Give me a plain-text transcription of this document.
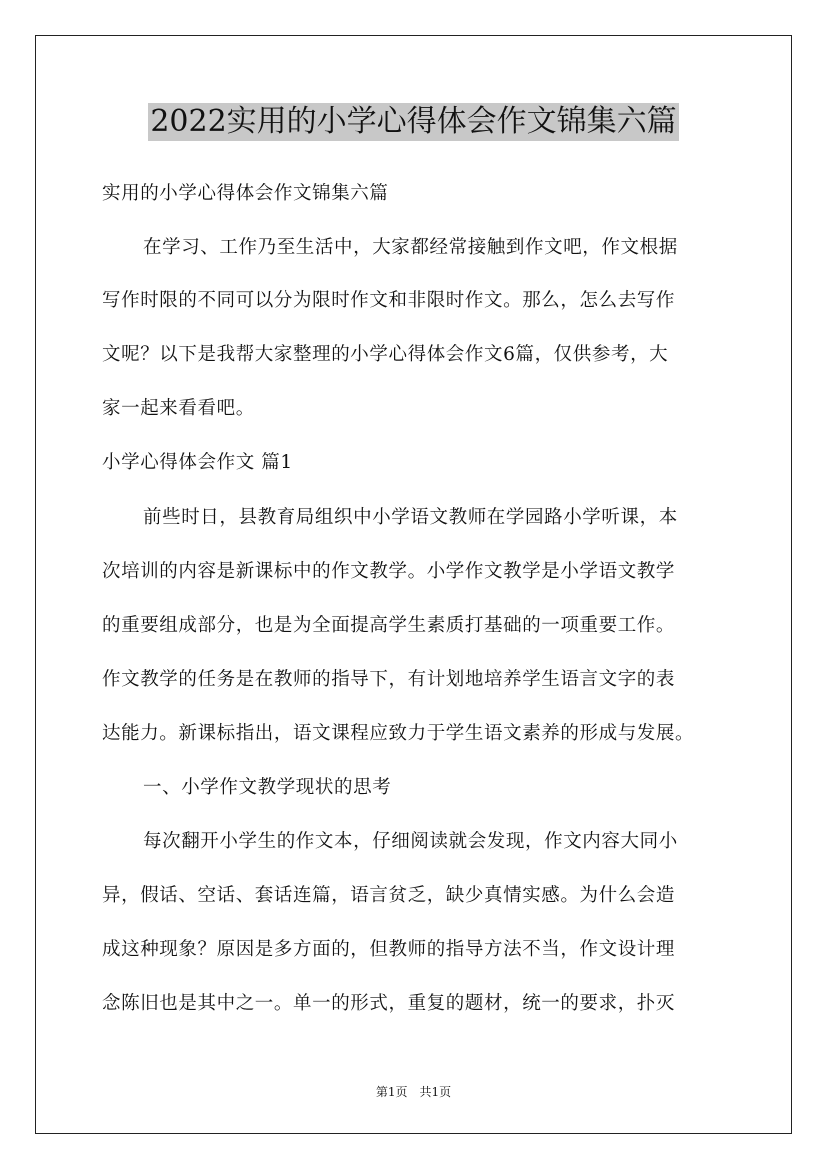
2022实用的小学心得体会作文锦集六篇
实用的小学心得体会作文锦集六篇
在学习、工作乃至生活中，大家都经常接触到作文吧，作文根据
写作时限的不同可以分为限时作文和非限时作文。那么，怎么去写作
文呢？以下是我帮大家整理的小学心得体会作文6篇，仅供参考，大
家一起来看看吧。
小学心得体会作文 篇1
前些时日，县教育局组织中小学语文教师在学园路小学听课，本
次培训的内容是新课标中的作文教学。小学作文教学是小学语文教学
的重要组成部分，也是为全面提高学生素质打基础的一项重要工作。
作文教学的任务是在教师的指导下，有计划地培养学生语言文字的表
达能力。新课标指出，语文课程应致力于学生语文素养的形成与发展。
一、小学作文教学现状的思考
每次翻开小学生的作文本，仔细阅读就会发现，作文内容大同小
异，假话、空话、套话连篇，语言贫乏，缺少真情实感。为什么会造
成这种现象？原因是多方面的，但教师的指导方法不当，作文设计理
念陈旧也是其中之一。单一的形式，重复的题材，统一的要求，扑灭
第1页　共1页
